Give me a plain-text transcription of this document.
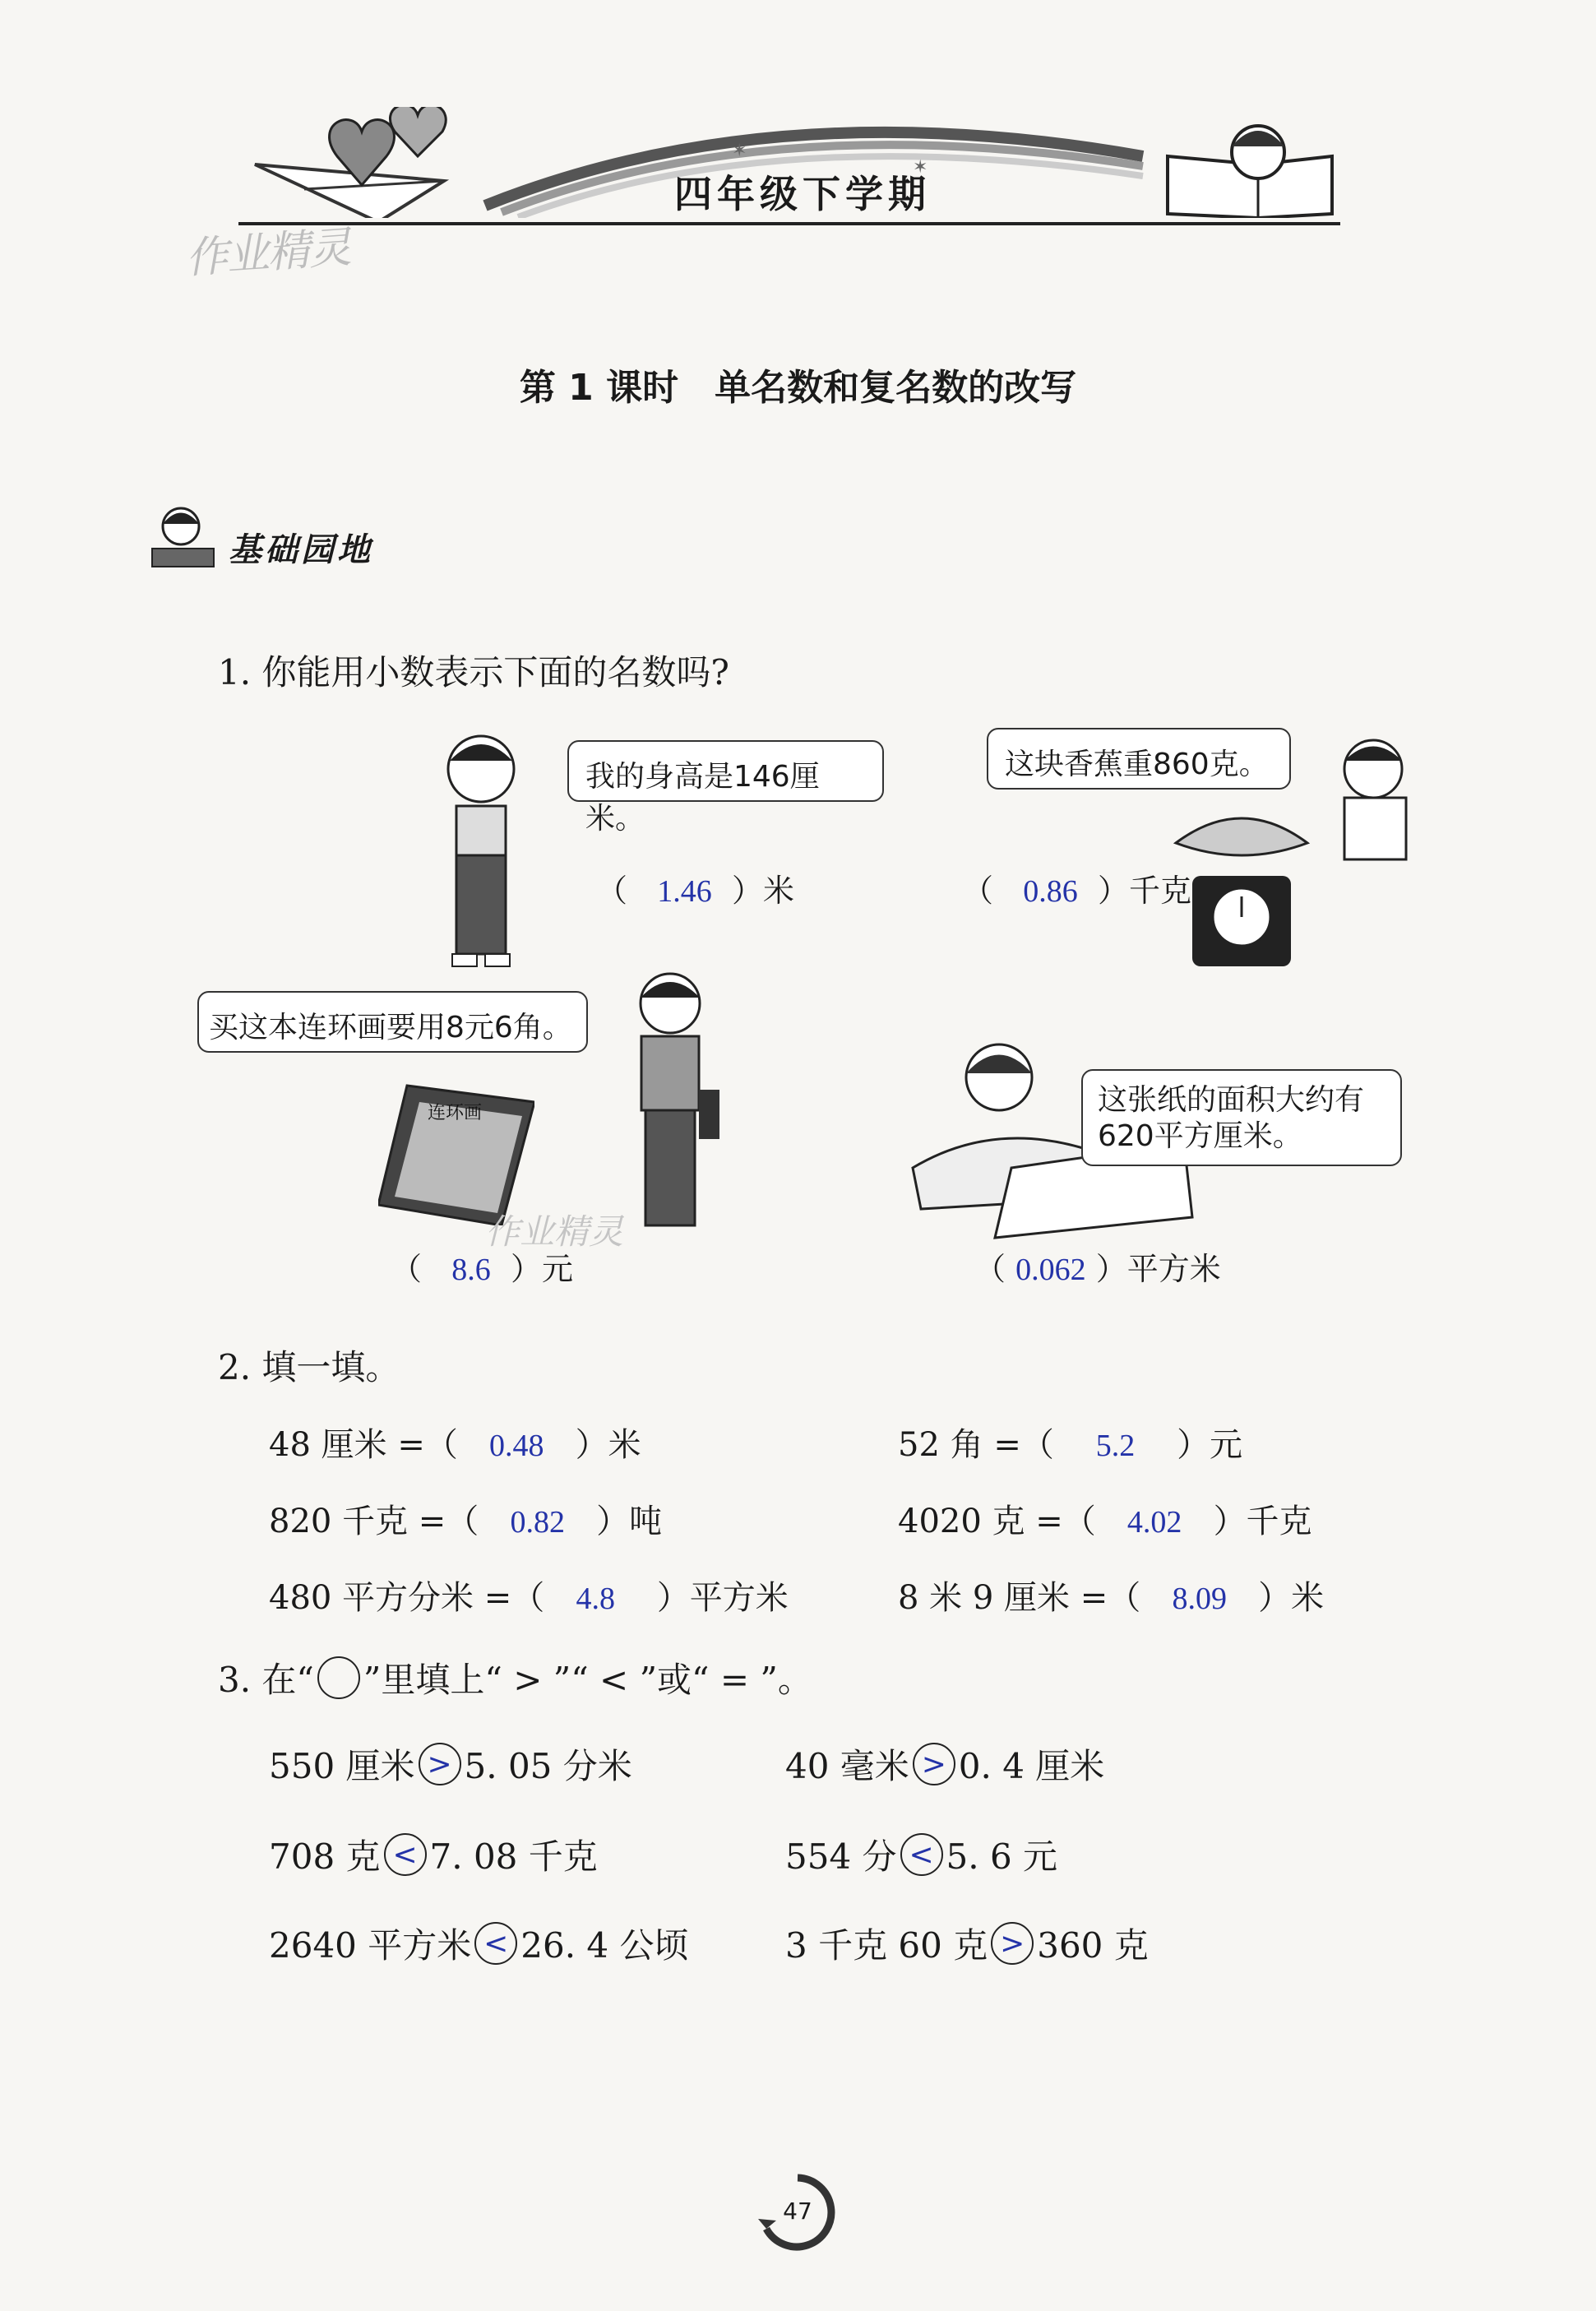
✶
✶
四年级下学期
作业精灵
第 1 课时　单名数和复名数的改写
基础园地
1. 你能用小数表示下面的名数吗?
我的身高是146厘米。
（ 1.46 ）米
这块香蕉重860克。
（ 0.86 ）千克
买这本连环画要用8元6角。
连环画
作业精灵
（ 8.6 ）元
这张纸的面积大约有620平方厘米。
（ 0.062 ）平方米
2. 填一填。
48 厘米 =（ 0.48 ）米	52 角 =（ 5.2 ）元
820 千克 =（ 0.82 ）吨	4020 克 =（ 4.02 ）千克
480 平方分米 =（ 4.8 ）平方米	8 米 9 厘米 =（ 8.09 ）米
3. 在“ ”里填上“ > ”“ < ”或“ = ”。
550 厘米 > 5. 05 分米	40 毫米 > 0. 4 厘米
708 克 < 7. 08 千克	554 分 < 5. 6 元
2640 平方米 < 26. 4 公顷	3 千克 60 克 > 360 克
47
